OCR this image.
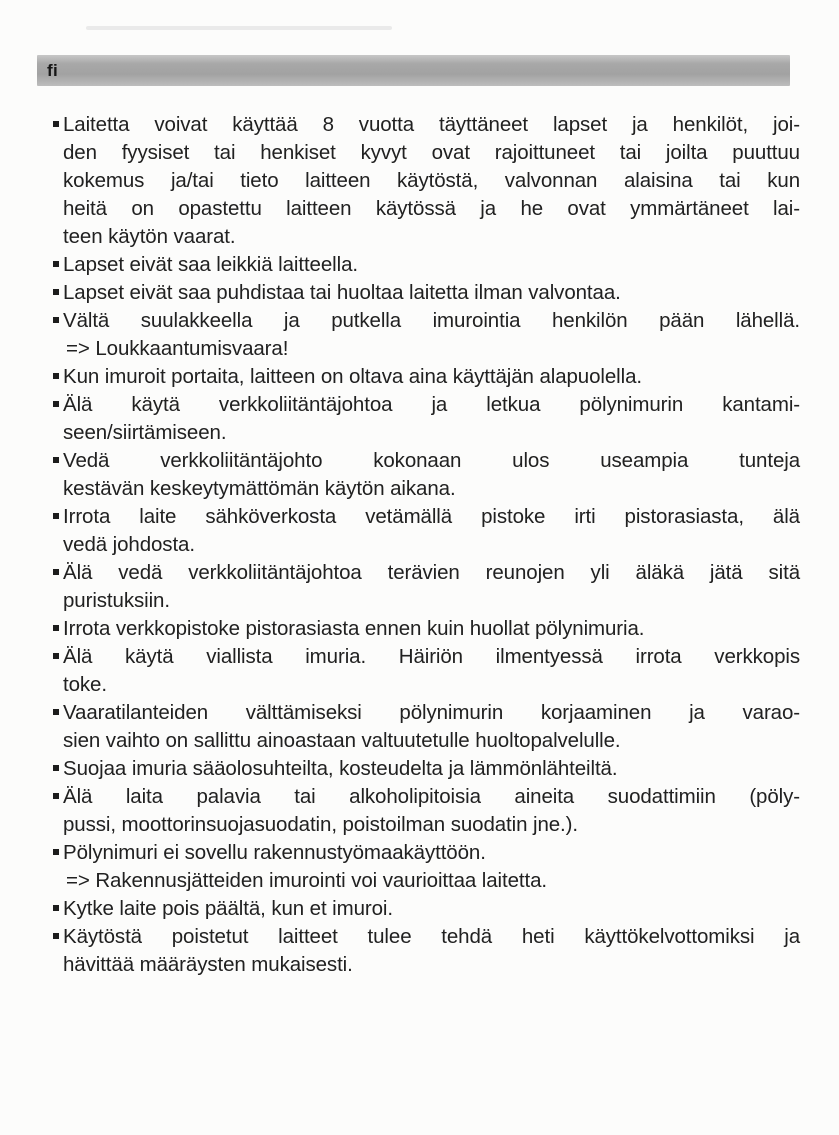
fi
Laitetta voivat käyttää 8 vuotta täyttäneet lapset ja henkilöt, joi-
den fyysiset tai henkiset kyvyt ovat rajoittuneet tai joilta puuttuu
kokemus ja/tai tieto laitteen käytöstä, valvonnan alaisina tai kun
heitä on opastettu laitteen käytössä ja he ovat ymmärtäneet lai-
teen käytön vaarat.
Lapset eivät saa leikkiä laitteella.
Lapset eivät saa puhdistaa tai huoltaa laitetta ilman valvontaa.
Vältä suulakkeella ja putkella imurointia henkilön pään lähellä.
=> Loukkaantumisvaara!
Kun imuroit portaita, laitteen on oltava aina käyttäjän alapuolella.
Älä käytä verkkoliitäntäjohtoa ja letkua pölynimurin kantami-
seen/siirtämiseen.
Vedä verkkoliitäntäjohto kokonaan ulos useampia tunteja
kestävän keskeytymättömän käytön aikana.
Irrota laite sähköverkosta vetämällä pistoke irti pistorasiasta, älä
vedä johdosta.
Älä vedä verkkoliitäntäjohtoa terävien reunojen yli äläkä jätä sitä
puristuksiin.
Irrota verkkopistoke pistorasiasta ennen kuin huollat pölynimuria.
Älä käytä viallista imuria. Häiriön ilmentyessä irrota verkkopis
toke.
Vaaratilanteiden välttämiseksi pölynimurin korjaaminen ja varao-
sien vaihto on sallittu ainoastaan valtuutetulle huoltopalvelulle.
Suojaa imuria sääolosuhteilta, kosteudelta ja lämmönlähteiltä.
Älä laita palavia tai alkoholipitoisia aineita suodattimiin (pöly-
pussi, moottorinsuojasuodatin, poistoilman suodatin jne.).
Pölynimuri ei sovellu rakennustyömaakäyttöön.
=> Rakennusjätteiden imurointi voi vaurioittaa laitetta.
Kytke laite pois päältä, kun et imuroi.
Käytöstä poistetut laitteet tulee tehdä heti käyttökelvottomiksi ja
hävittää määräysten mukaisesti.
